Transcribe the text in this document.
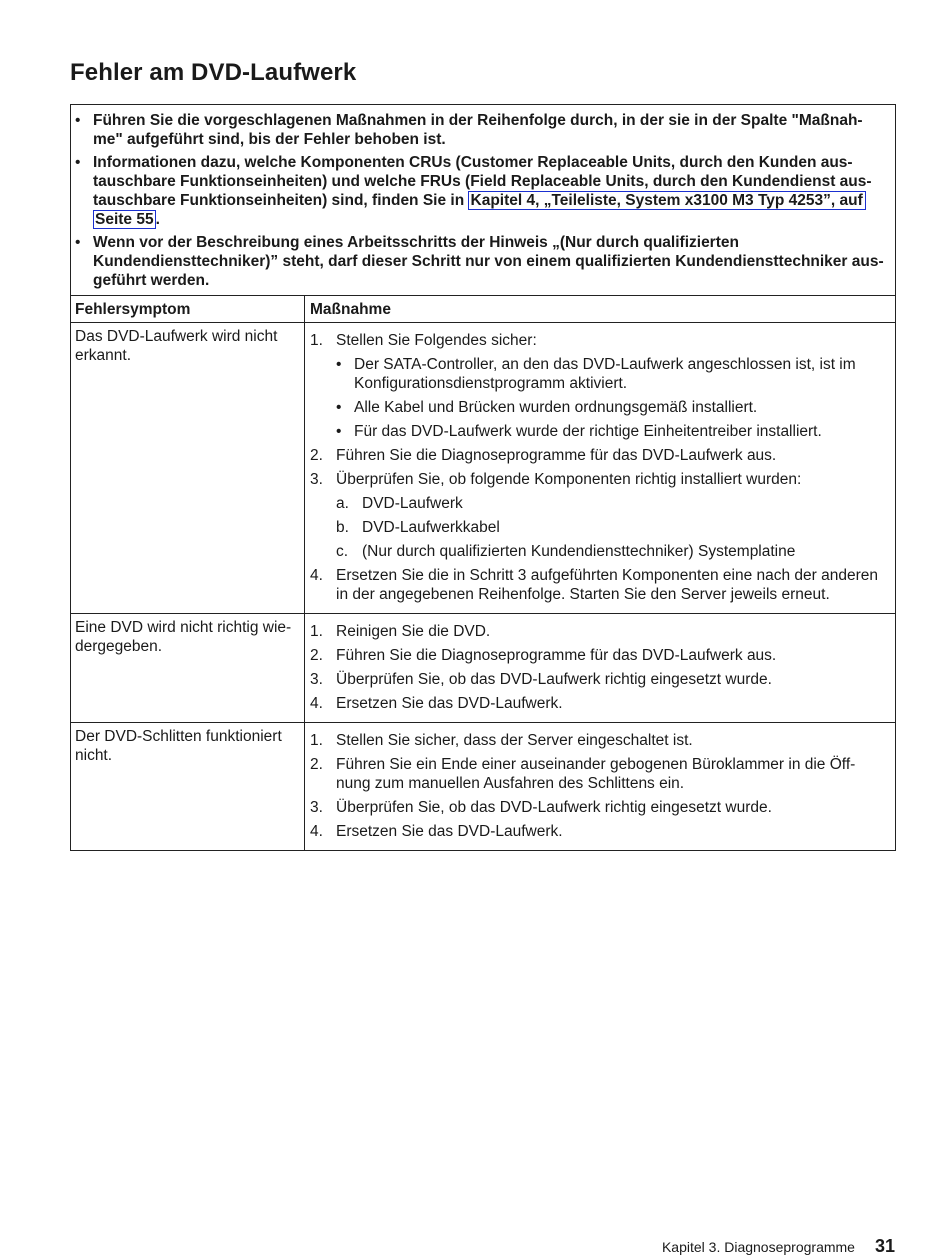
Fehler am DVD-Laufwerk
• Führen Sie die vorgeschlagenen Maßnahmen in der Reihenfolge durch, in der sie in der Spalte "Maßnah-me" aufgeführt sind, bis der Fehler behoben ist.
• Informationen dazu, welche Komponenten CRUs (Customer Replaceable Units, durch den Kunden aus-tauschbare Funktionseinheiten) und welche FRUs (Field Replaceable Units, durch den Kundendienst aus-tauschbare Funktionseinheiten) sind, finden Sie in Kapitel 4, „Teileliste, System x3100 M3 Typ 4253”, auf Seite 55 .
• Wenn vor der Beschreibung eines Arbeitsschritts der Hinweis „(Nur durch qualifizierten Kundendiensttechniker)” steht, darf dieser Schritt nur von einem qualifizierten Kundendiensttechniker aus-geführt werden.
Fehlersymptom	Maßnahme
Das DVD-Laufwerk wird nicht erkannt.
1. Stellen Sie Folgendes sicher:
• Der SATA-Controller, an den das DVD-Laufwerk angeschlossen ist, ist im Konfigurationsdienstprogramm aktiviert.
• Alle Kabel und Brücken wurden ordnungsgemäß installiert.
• Für das DVD-Laufwerk wurde der richtige Einheitentreiber installiert.
2. Führen Sie die Diagnoseprogramme für das DVD-Laufwerk aus.
3. Überprüfen Sie, ob folgende Komponenten richtig installiert wurden:
a. DVD-Laufwerk
b. DVD-Laufwerkkabel
c. (Nur durch qualifizierten Kundendiensttechniker) Systemplatine
4. Ersetzen Sie die in Schritt 3 aufgeführten Komponenten eine nach der anderen in der angegebenen Reihenfolge. Starten Sie den Server jeweils erneut.
Eine DVD wird nicht richtig wie-dergegeben.
1. Reinigen Sie die DVD.
2. Führen Sie die Diagnoseprogramme für das DVD-Laufwerk aus.
3. Überprüfen Sie, ob das DVD-Laufwerk richtig eingesetzt wurde.
4. Ersetzen Sie das DVD-Laufwerk.
Der DVD-Schlitten funktioniert nicht.
1. Stellen Sie sicher, dass der Server eingeschaltet ist.
2. Führen Sie ein Ende einer auseinander gebogenen Büroklammer in die Öff-nung zum manuellen Ausfahren des Schlittens ein.
3. Überprüfen Sie, ob das DVD-Laufwerk richtig eingesetzt wurde.
4. Ersetzen Sie das DVD-Laufwerk.
Kapitel 3. Diagnoseprogramme 31
